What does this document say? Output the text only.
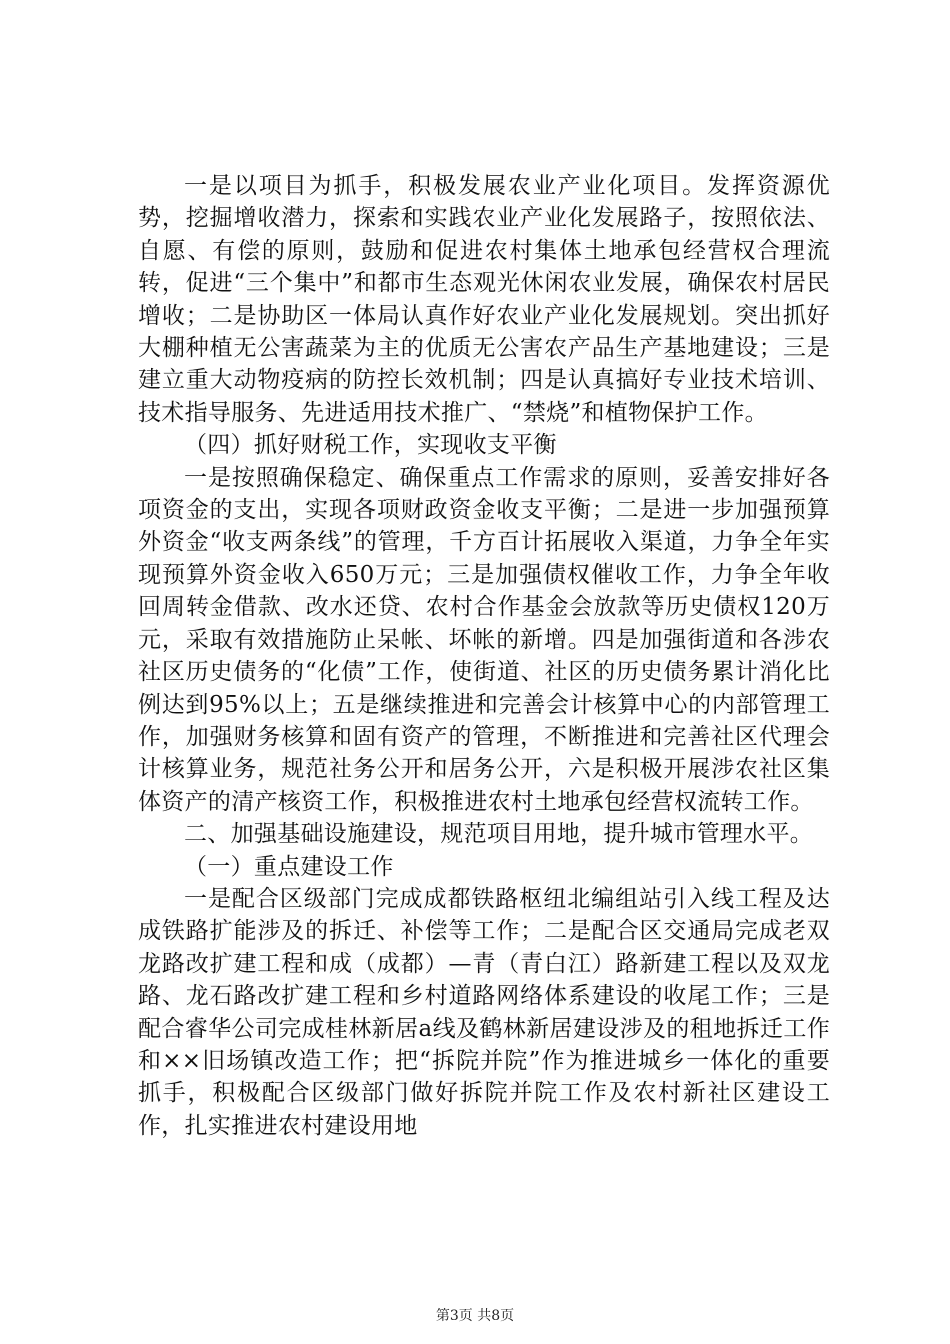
一是以项目为抓手，积极发展农业产业化项目。发挥资源优势，挖掘增收潜力，探索和实践农业产业化发展路子，按照依法、自愿、有偿的原则，鼓励和促进农村集体土地承包经营权合理流转，促进“三个集中”和都市生态观光休闲农业发展，确保农村居民增收；二是协助区一体局认真作好农业产业化发展规划。突出抓好大棚种植无公害蔬菜为主的优质无公害农产品生产基地建设；三是建立重大动物疫病的防控长效机制；四是认真搞好专业技术培训、技术指导服务、先进适用技术推广、“禁烧”和植物保护工作。

（四）抓好财税工作，实现收支平衡

一是按照确保稳定、确保重点工作需求的原则，妥善安排好各项资金的支出，实现各项财政资金收支平衡；二是进一步加强预算外资金“收支两条线”的管理，千方百计拓展收入渠道，力争全年实现预算外资金收入650万元；三是加强债权催收工作，力争全年收回周转金借款、改水还贷、农村合作基金会放款等历史债权120万元，采取有效措施防止呆帐、坏帐的新增。四是加强街道和各涉农社区历史债务的“化债”工作，使街道、社区的历史债务累计消化比例达到95%以上；五是继续推进和完善会计核算中心的内部管理工作，加强财务核算和固有资产的管理，不断推进和完善社区代理会计核算业务，规范社务公开和居务公开，六是积极开展涉农社区集体资产的清产核资工作，积极推进农村土地承包经营权流转工作。

二、加强基础设施建设，规范项目用地，提升城市管理水平。

（一）重点建设工作

一是配合区级部门完成成都铁路枢纽北编组站引入线工程及达成铁路扩能涉及的拆迁、补偿等工作；二是配合区交通局完成老双龙路改扩建工程和成（成都）—青（青白江）路新建工程以及双龙路、龙石路改扩建工程和乡村道路网络体系建设的收尾工作；三是配合睿华公司完成桂林新居a线及鹤林新居建设涉及的租地拆迁工作和××旧场镇改造工作；把“拆院并院”作为推进城乡一体化的重要抓手，积极配合区级部门做好拆院并院工作及农村新社区建设工作，扎实推进农村建设用地

第3页 共8页
